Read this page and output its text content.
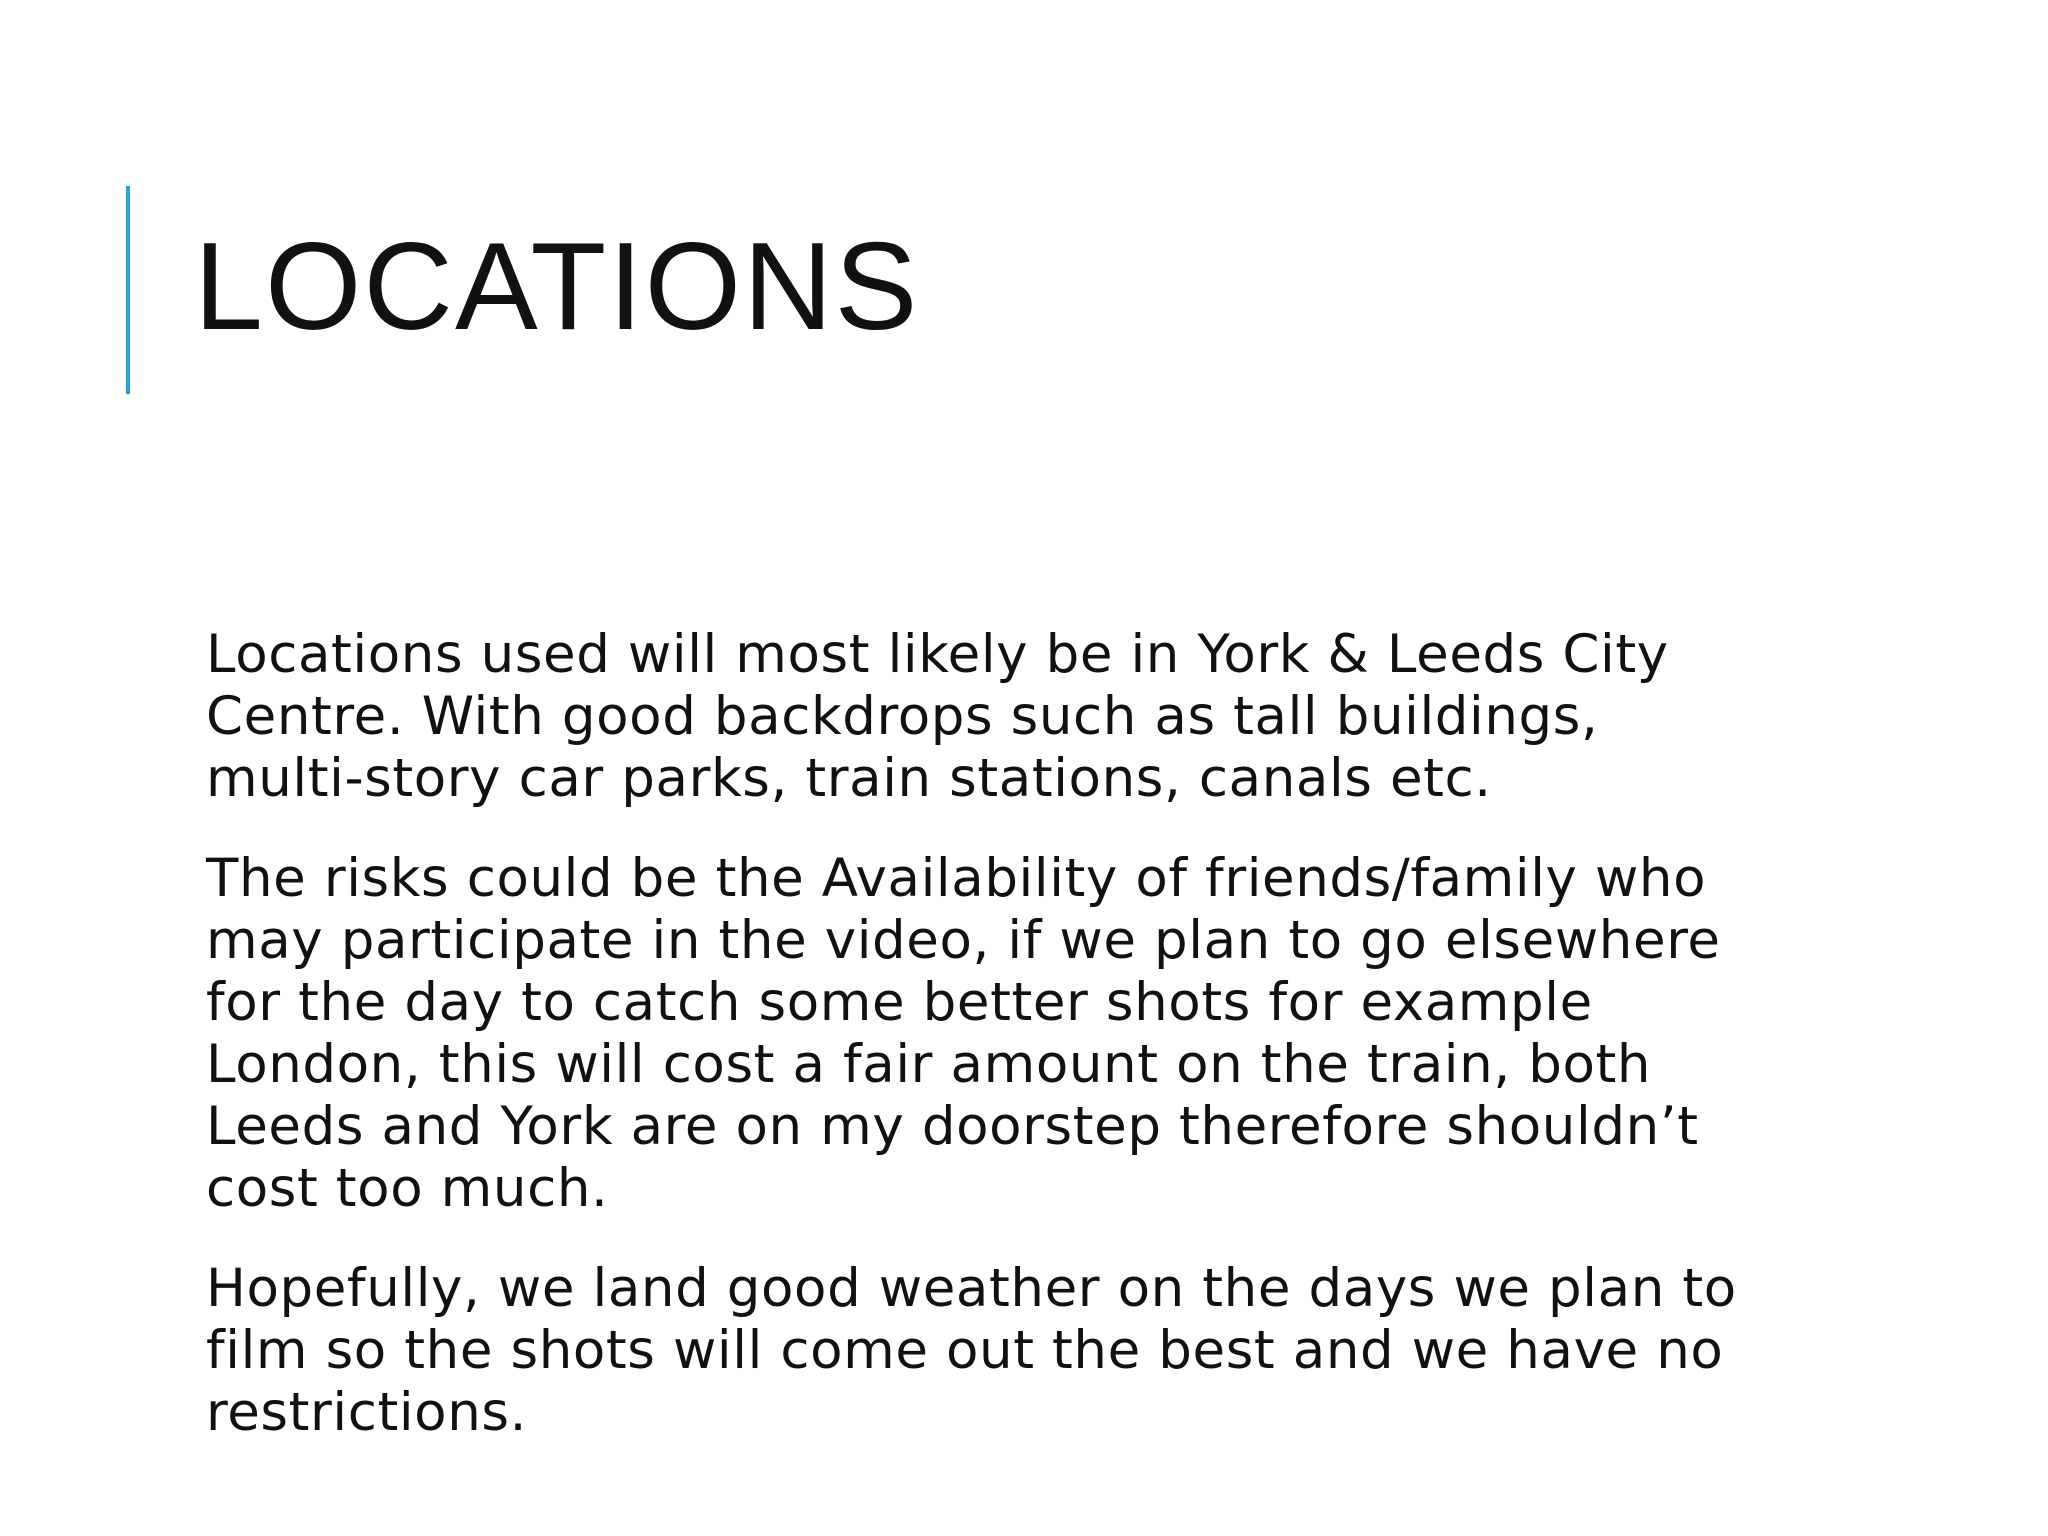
LOCATIONS

Locations used will most likely be in York & Leeds City
Centre. With good backdrops such as tall buildings,
multi-story car parks, train stations, canals etc.

The risks could be the Availability of friends/family who
may participate in the video, if we plan to go elsewhere
for the day to catch some better shots for example
London, this will cost a fair amount on the train, both
Leeds and York are on my doorstep therefore shouldn’t
cost too much.

Hopefully, we land good weather on the days we plan to
film so the shots will come out the best and we have no
restrictions.
